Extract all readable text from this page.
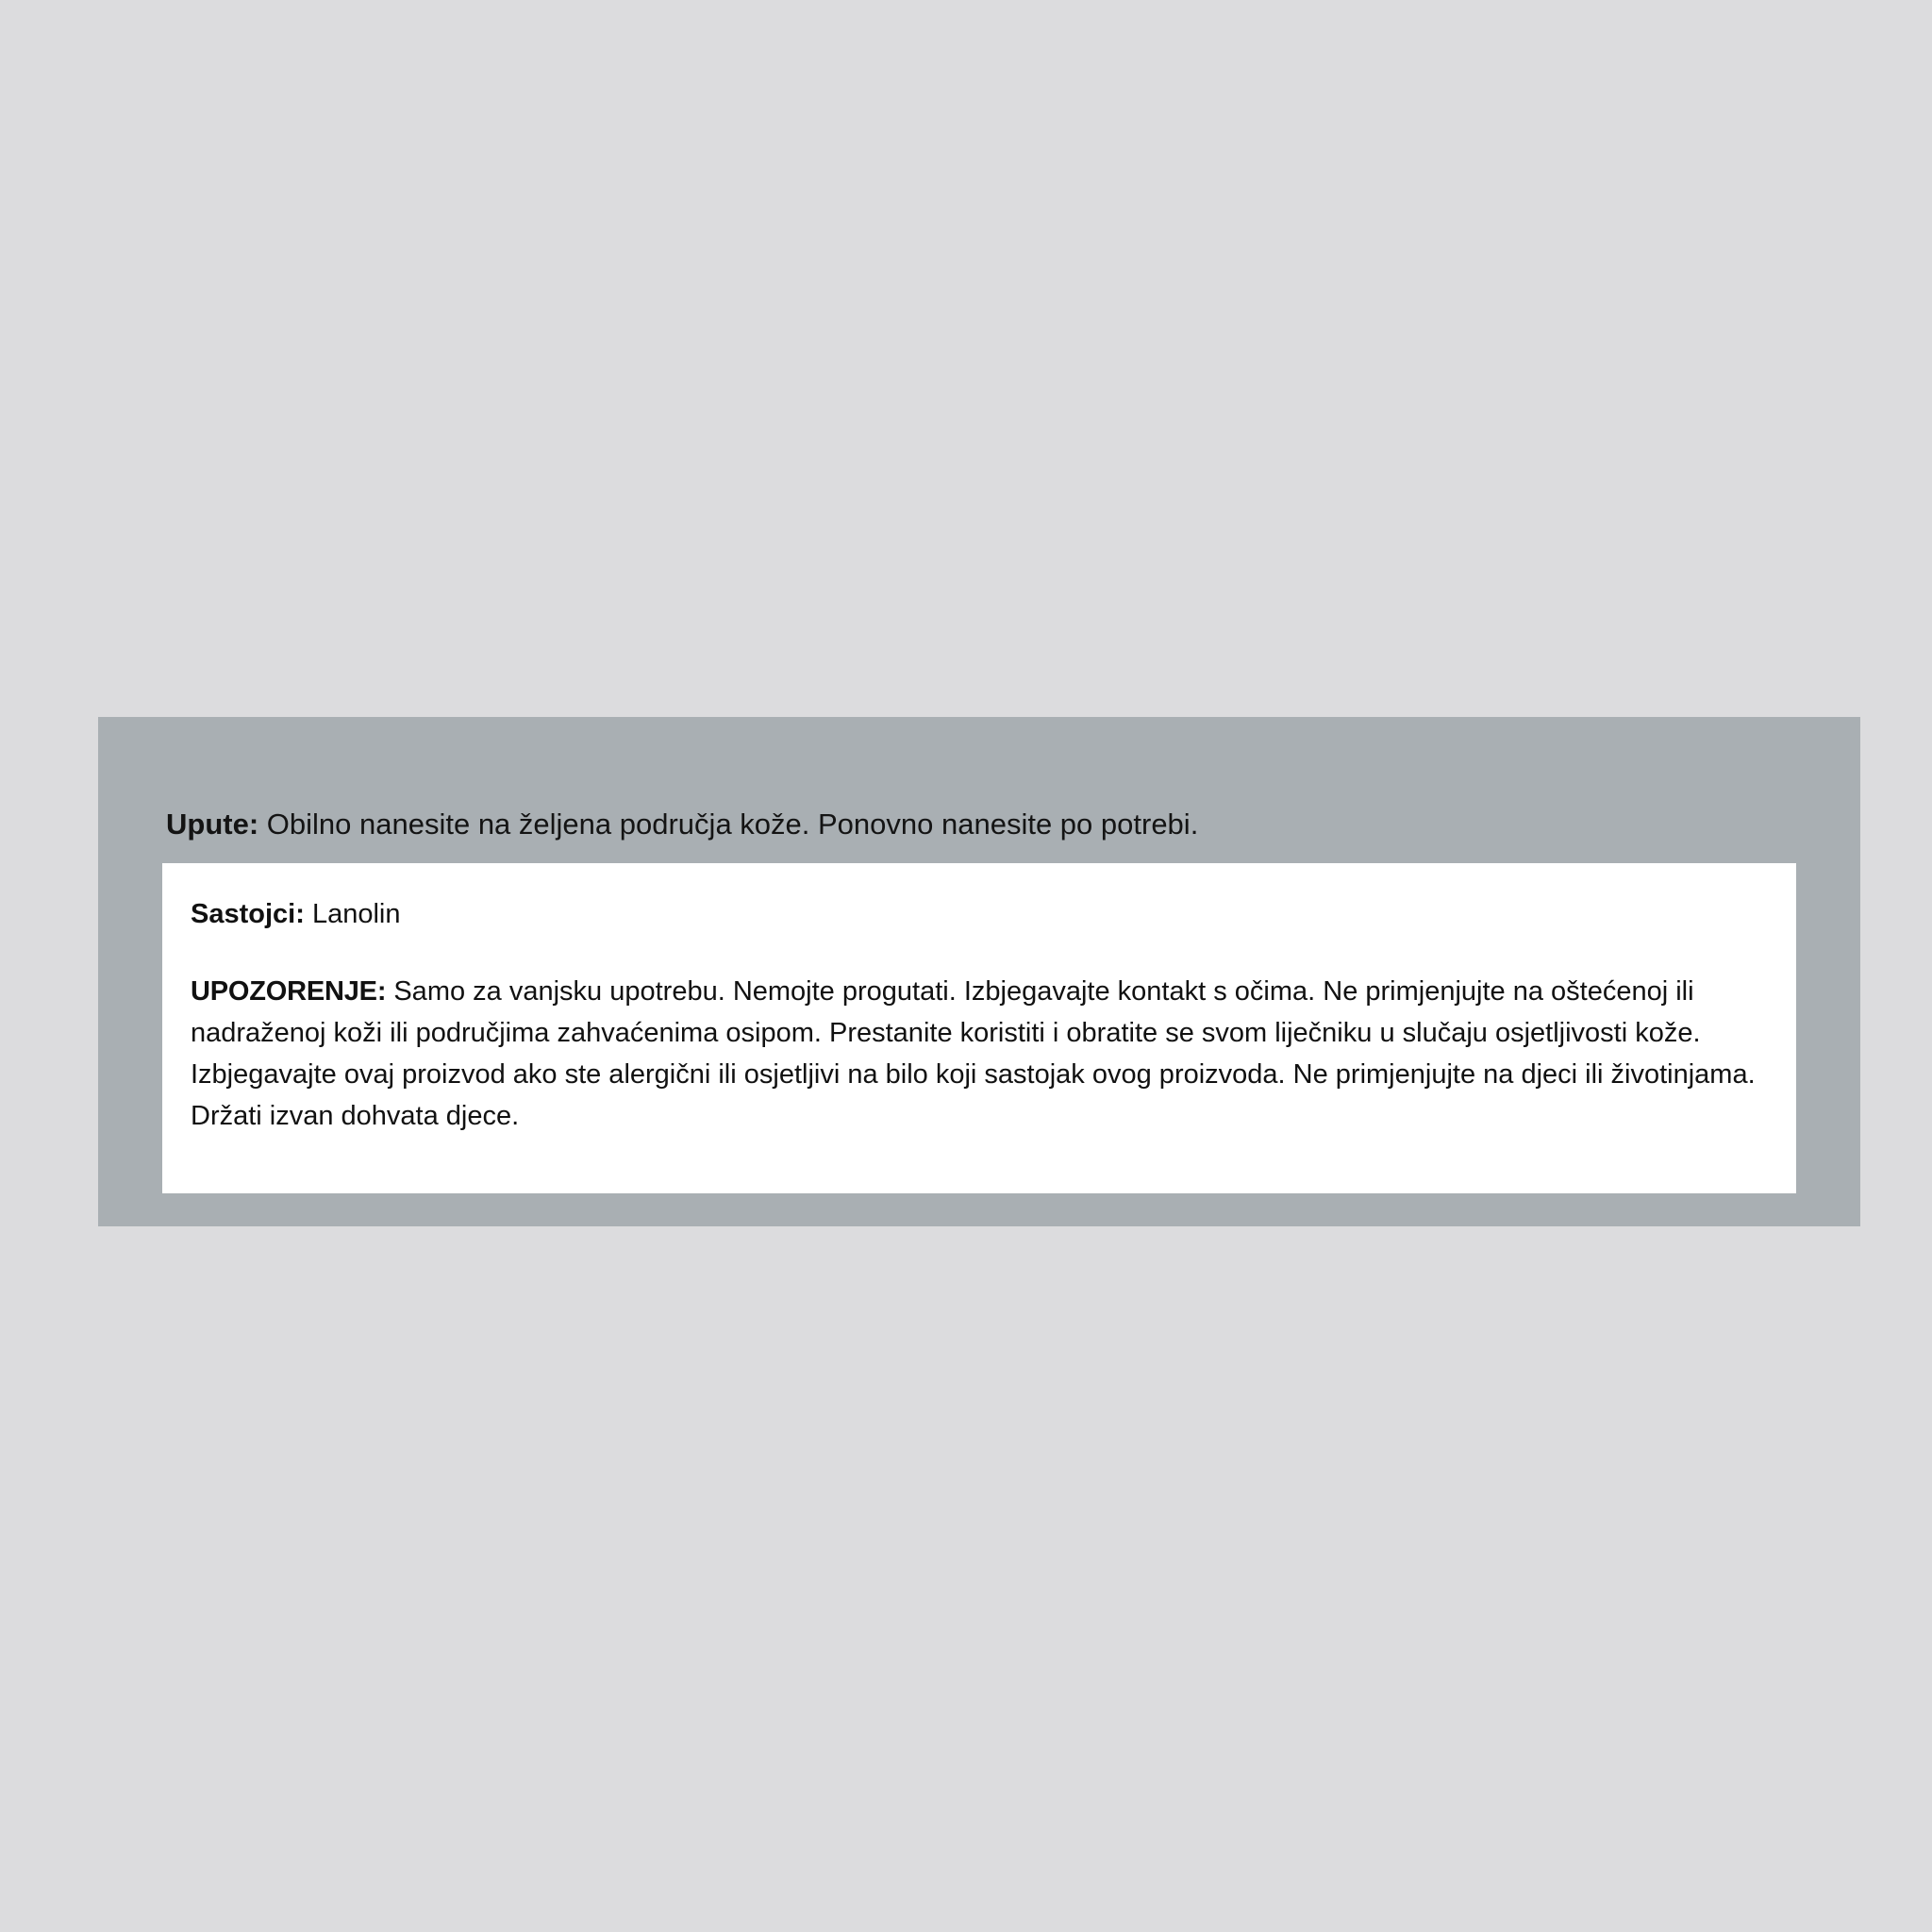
Upute: Obilno nanesite na željena područja kože. Ponovno nanesite po potrebi.

Sastojci: Lanolin

UPOZORENJE: Samo za vanjsku upotrebu. Nemojte progutati. Izbjegavajte kontakt s očima. Ne primjenjujte na oštećenoj ili nadraženoj koži ili područjima zahvaćenima osipom. Prestanite koristiti i obratite se svom liječniku u slučaju osjetljivosti kože. Izbjegavajte ovaj proizvod ako ste alergični ili osjetljivi na bilo koji sastojak ovog proizvoda. Ne primjenjujte na djeci ili životinjama. Držati izvan dohvata djece.
